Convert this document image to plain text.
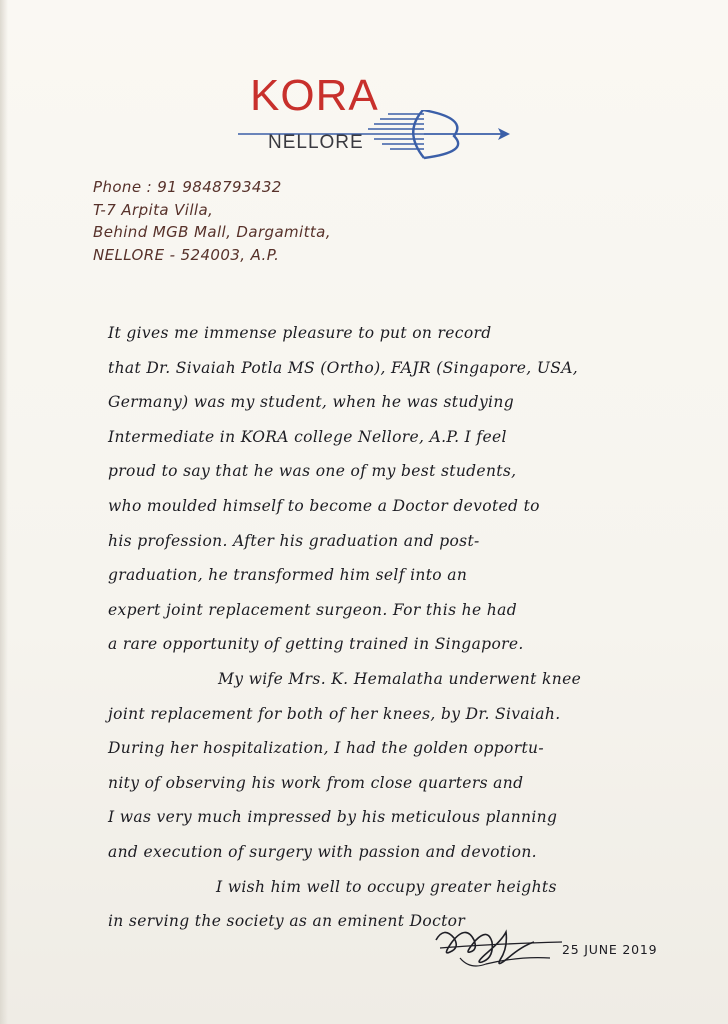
KORA
NELLORE
Phone : 91 9848793432
T-7 Arpita Villa,
Behind MGB Mall, Dargamitta,
NELLORE - 524003, A.P.
It gives me immense pleasure to put on record
that Dr. Sivaiah Potla MS (Ortho), FAJR (Singapore, USA,
Germany) was my student, when he was studying
Intermediate in KORA college Nellore, A.P. I feel
proud to say that he was one of my best students,
who moulded himself to become a Doctor devoted to
his profession. After his graduation and post-
graduation, he transformed him self into an
expert joint replacement surgeon. For this he had
a rare opportunity of getting trained in Singapore.
My wife Mrs. K. Hemalatha underwent knee
joint replacement for both of her knees, by Dr. Sivaiah.
During her hospitalization, I had the golden opportu-
nity of observing his work from close quarters and
I was very much impressed by his meticulous planning
and execution of surgery with passion and devotion.
I wish him well to occupy greater heights
in serving the society as an eminent Doctor
25 JUNE 2019
